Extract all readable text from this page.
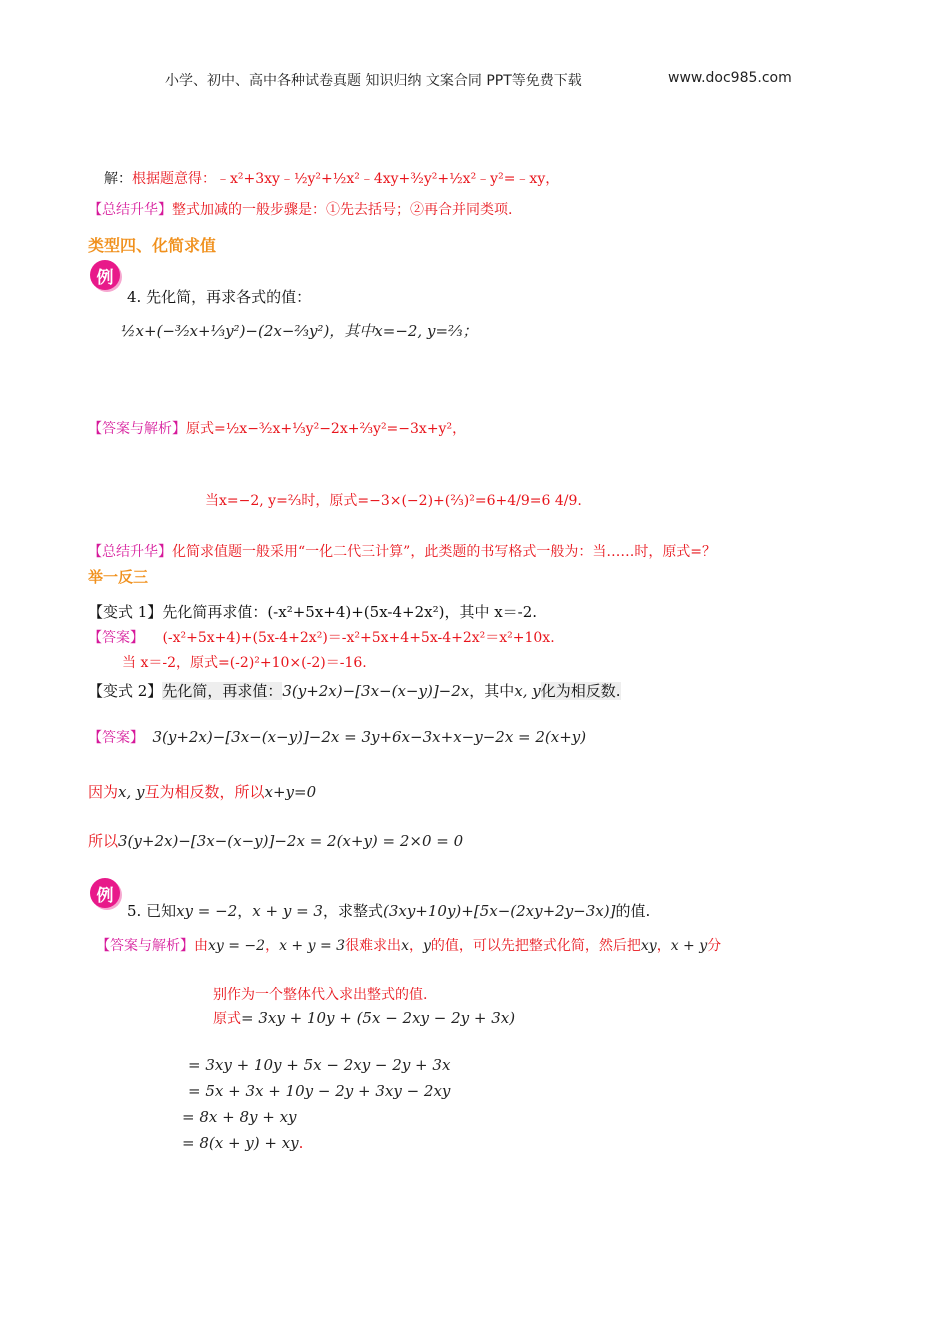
小学、初中、高中各种试卷真题 知识归纳 文案合同 PPT等免费下载	www.doc985.com
解：根据题意得：﹣x²+3xy﹣½y²+½x²﹣4xy+³⁄₂y²+½x²﹣y²=﹣xy，
【总结升华】整式加减的一般步骤是：①先去括号；②再合并同类项.
类型四、化简求值
例
4. 先化简，再求各式的值：
½x+(−³⁄₂x+⅓y²)−(2x−⅔y²)，其中x=−2, y=⅔；
【答案与解析】原式=½x−³⁄₂x+⅓y²−2x+⅔y²=−3x+y²，
当x=−2, y=⅔时，原式=−3×(−2)+(⅔)²=6+4/9=6 4/9.
【总结升华】化简求值题一般采用“一化二代三计算”，此类题的书写格式一般为：当……时，原式=？
举一反三
【变式 1】先化简再求值：(-x²+5x+4)+(5x-4+2x²)，其中 x＝-2.
【答案】 (-x²+5x+4)+(5x-4+2x²)＝-x²+5x+4+5x-4+2x²＝x²+10x.
当 x＝-2，原式=(-2)²+10×(-2)＝-16.
【变式 2】先化简，再求值：3(y+2x)−[3x−(x−y)]−2x，其中x, y化为相反数.
【答案】 3(y+2x)−[3x−(x−y)]−2x = 3y+6x−3x+x−y−2x = 2(x+y)
因为x, y互为相反数，所以x+y=0
所以3(y+2x)−[3x−(x−y)]−2x = 2(x+y) = 2×0 = 0
例
5. 已知xy = −2，x + y = 3，求整式(3xy+10y)+[5x−(2xy+2y−3x)]的值.
【答案与解析】由xy = −2，x + y = 3很难求出x，y的值，可以先把整式化简，然后把xy，x + y分
别作为一个整体代入求出整式的值.
原式= 3xy + 10y + (5x − 2xy − 2y + 3x)
= 3xy + 10y + 5x − 2xy − 2y + 3x
= 5x + 3x + 10y − 2y + 3xy − 2xy
= 8x + 8y + xy
= 8(x + y) + xy.
